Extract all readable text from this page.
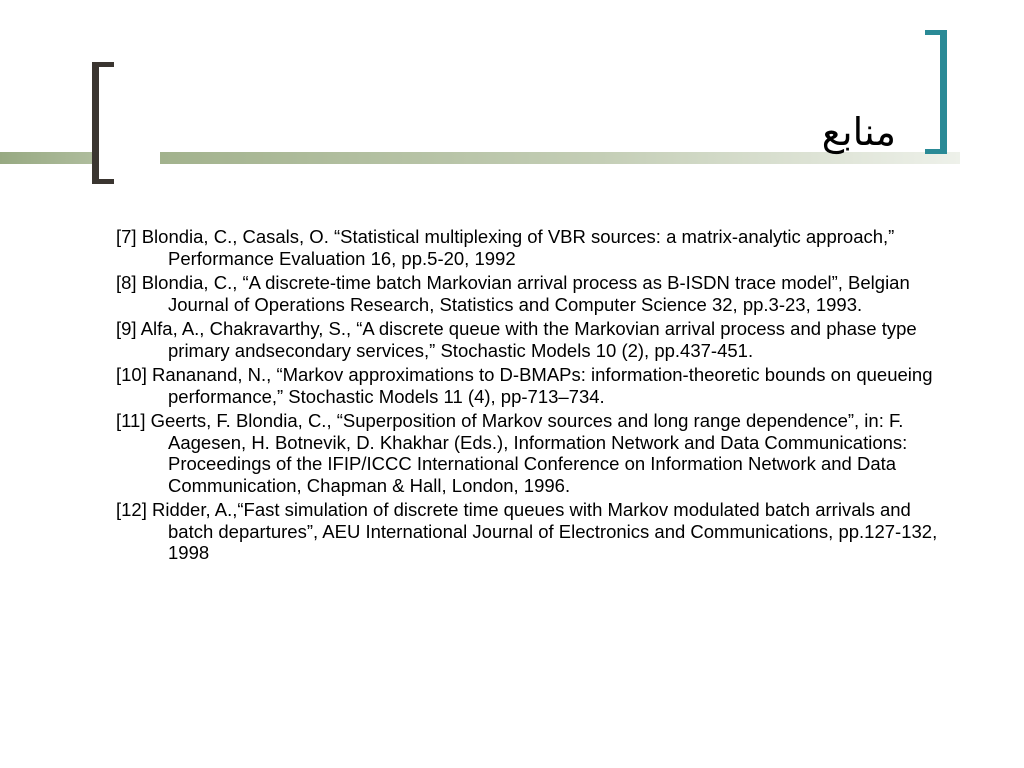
منابع
[7] Blondia, C., Casals, O. “Statistical multiplexing of VBR sources: a matrix-analytic approach,” Performance Evaluation 16, pp.5-20, 1992
[8] Blondia, C., “A discrete-time batch Markovian arrival process as B-ISDN trace model”, Belgian Journal of Operations Research, Statistics and Computer Science 32, pp.3-23, 1993.
[9] Alfa, A., Chakravarthy, S., “A discrete queue with the Markovian arrival process and phase type primary andsecondary services,” Stochastic Models 10 (2), pp.437-451.
[10] Rananand, N., “Markov approximations to D-BMAPs: information-theoretic bounds on queueing performance,” Stochastic Models 11 (4), pp-713–734.
[11] Geerts, F. Blondia, C., “Superposition of Markov sources and long range dependence”, in: F. Aagesen, H. Botnevik, D. Khakhar (Eds.), Information Network and Data Communications: Proceedings of the IFIP/ICCC International Conference on Information Network and Data Communication, Chapman & Hall, London, 1996.
[12] Ridder, A.,“Fast simulation of discrete time queues with Markov modulated batch arrivals and batch departures”, AEU International Journal of Electronics and Communications, pp.127-132, 1998
